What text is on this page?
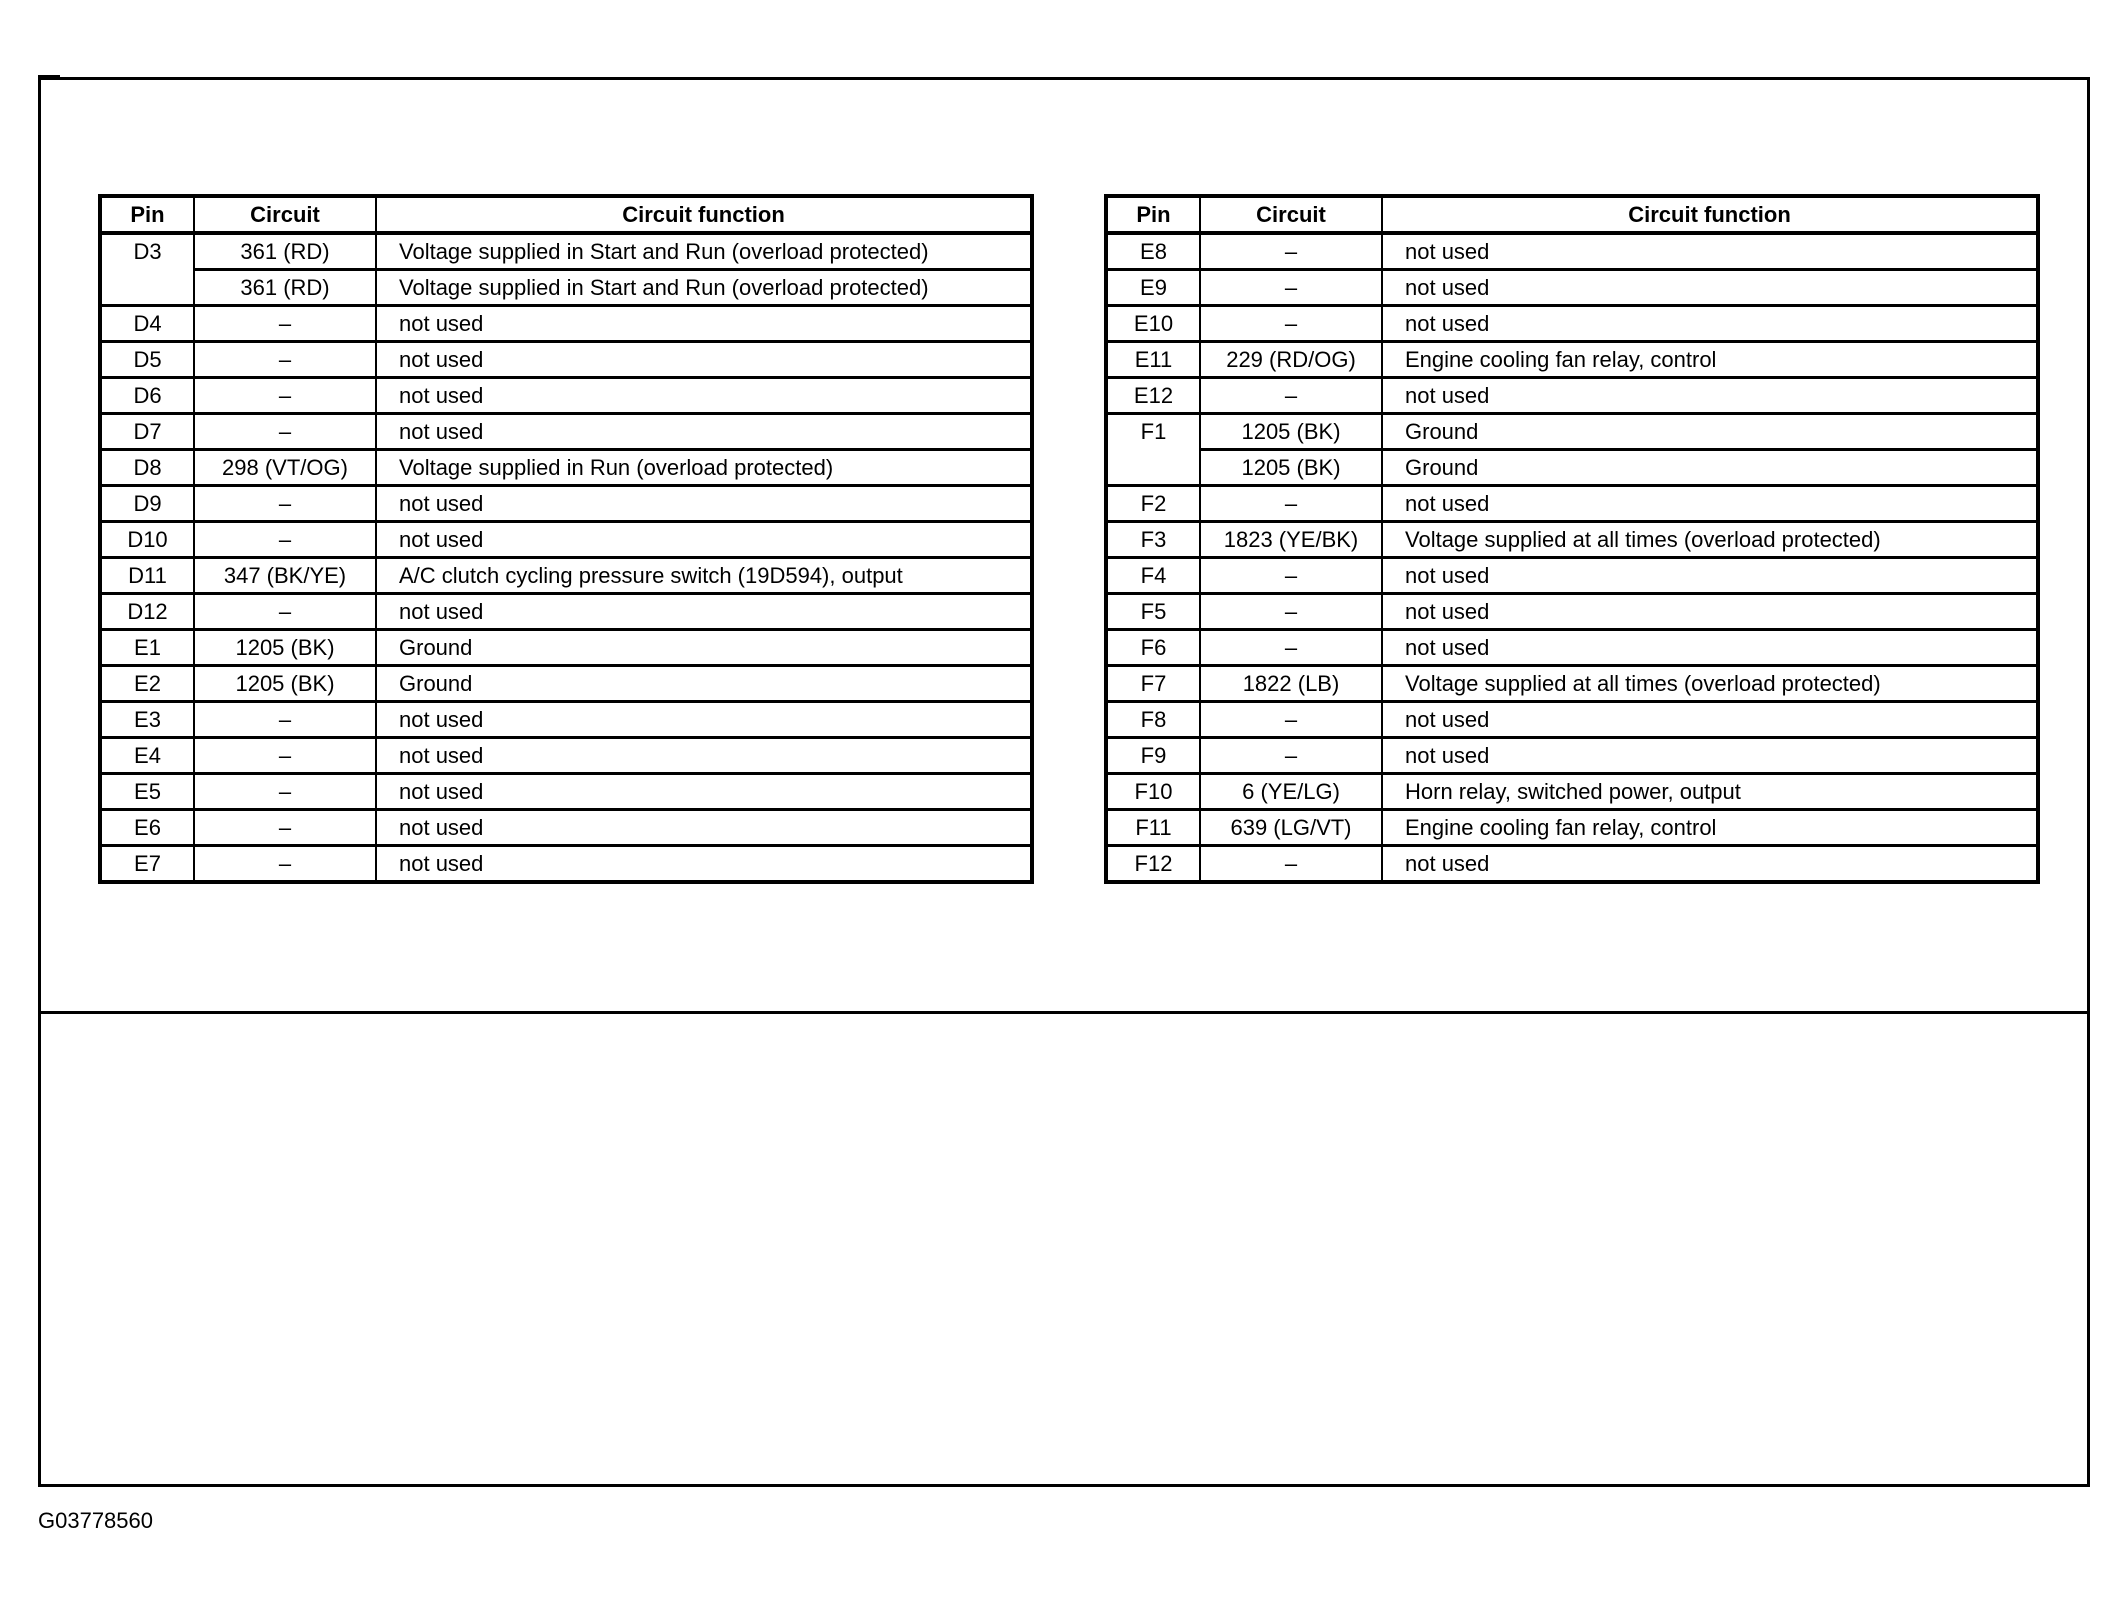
Pin	Circuit	Circuit function
D3	361 (RD)	Voltage supplied in Start and Run (overload protected)
	361 (RD)	Voltage supplied in Start and Run (overload protected)
D4	–	not used
D5	–	not used
D6	–	not used
D7	–	not used
D8	298 (VT/OG)	Voltage supplied in Run (overload protected)
D9	–	not used
D10	–	not used
D11	347 (BK/YE)	A/C clutch cycling pressure switch (19D594), output
D12	–	not used
E1	1205 (BK)	Ground
E2	1205 (BK)	Ground
E3	–	not used
E4	–	not used
E5	–	not used
E6	–	not used
E7	–	not used
Pin	Circuit	Circuit function
E8	–	not used
E9	–	not used
E10	–	not used
E11	229 (RD/OG)	Engine cooling fan relay, control
E12	–	not used
F1	1205 (BK)	Ground
	1205 (BK)	Ground
F2	–	not used
F3	1823 (YE/BK)	Voltage supplied at all times (overload protected)
F4	–	not used
F5	–	not used
F6	–	not used
F7	1822 (LB)	Voltage supplied at all times (overload protected)
F8	–	not used
F9	–	not used
F10	6 (YE/LG)	Horn relay, switched power, output
F11	639 (LG/VT)	Engine cooling fan relay, control
F12	–	not used
G03778560
